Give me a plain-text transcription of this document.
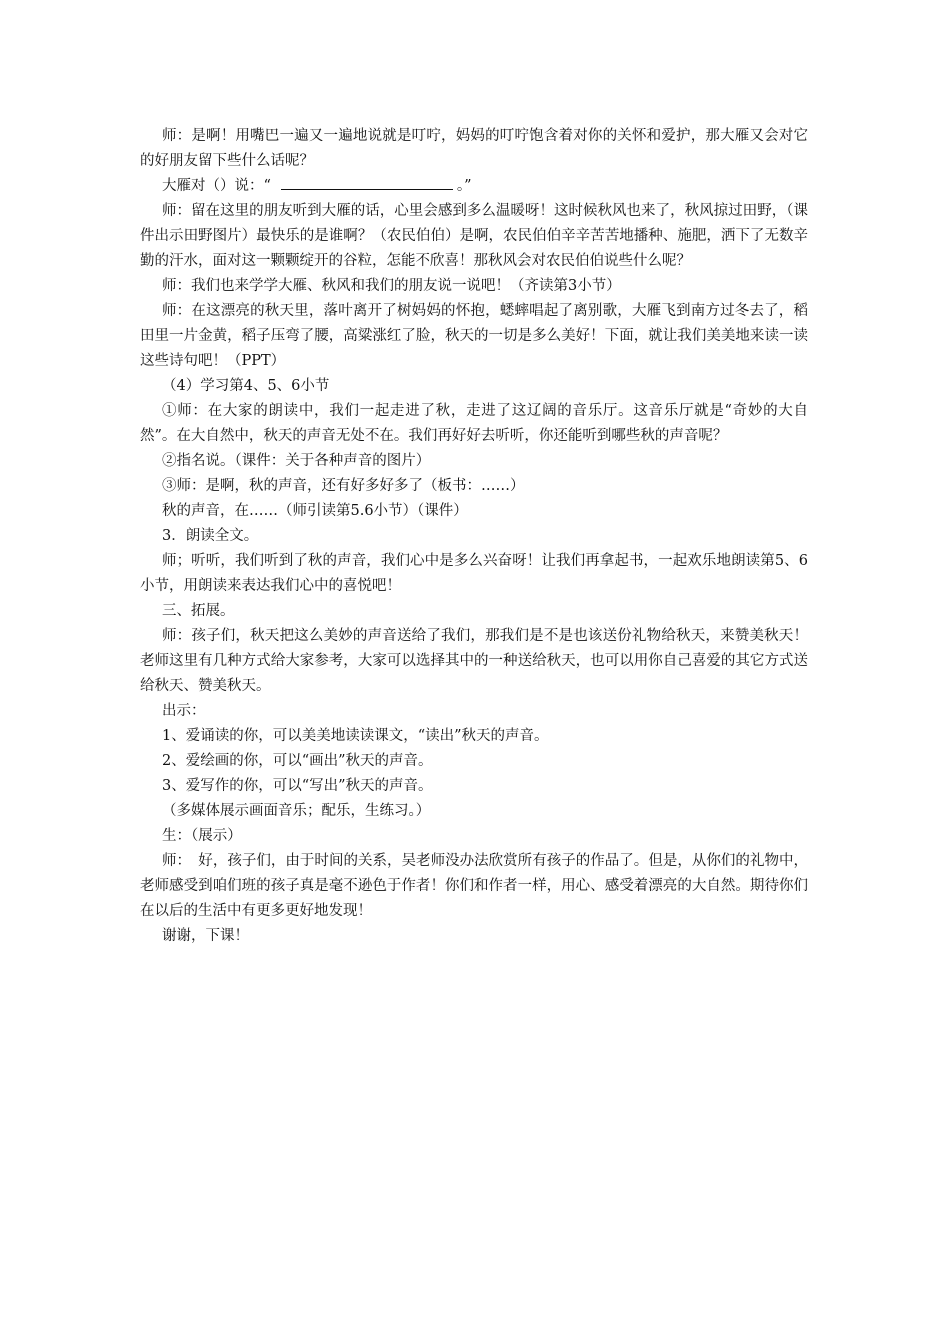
师：是啊！用嘴巴一遍又一遍地说就是叮咛，妈妈的叮咛饱含着对你的关怀和爱护，那大雁又会对它的好朋友留下些什么话呢？

大雁对（）说：“	。”

师：留在这里的朋友听到大雁的话，心里会感到多么温暖呀！这时候秋风也来了，秋风掠过田野，（课件出示田野图片）最快乐的是谁啊？（农民伯伯）是啊，农民伯伯辛辛苦苦地播种、施肥，洒下了无数辛勤的汗水，面对这一颗颗绽开的谷粒，怎能不欣喜！那秋风会对农民伯伯说些什么呢？

师：我们也来学学大雁、秋风和我们的朋友说一说吧！（齐读第3小节）

师：在这漂亮的秋天里，落叶离开了树妈妈的怀抱，蟋蟀唱起了离别歌，大雁飞到南方过冬去了，稻田里一片金黄，稻子压弯了腰，高粱涨红了脸，秋天的一切是多么美好！下面，就让我们美美地来读一读这些诗句吧！（PPT）

（4）学习第4、5、6小节

①师：在大家的朗读中，我们一起走进了秋，走进了这辽阔的音乐厅。这音乐厅就是“奇妙的大自然”。在大自然中，秋天的声音无处不在。我们再好好去听听，你还能听到哪些秋的声音呢？

②指名说。（课件：关于各种声音的图片）

③师：是啊，秋的声音，还有好多好多了（板书：……）

秋的声音，在……（师引读第5.6小节）（课件）

3．朗读全文。

师；听听，我们听到了秋的声音，我们心中是多么兴奋呀！让我们再拿起书，一起欢乐地朗读第5、6小节，用朗读来表达我们心中的喜悦吧！

三、拓展。

师：孩子们，秋天把这么美妙的声音送给了我们，那我们是不是也该送份礼物给秋天，来赞美秋天！老师这里有几种方式给大家参考，大家可以选择其中的一种送给秋天，也可以用你自己喜爱的其它方式送给秋天、赞美秋天。

出示：

1、爱诵读的你，可以美美地读读课文，“读出”秋天的声音。

2、爱绘画的你，可以“画出”秋天的声音。

3、爱写作的你，可以“写出”秋天的声音。

（多媒体展示画面音乐；配乐，生练习。）

生：（展示）

师：　好，孩子们，由于时间的关系，吴老师没办法欣赏所有孩子的作品了。但是，从你们的礼物中，老师感受到咱们班的孩子真是毫不逊色于作者！你们和作者一样，用心、感受着漂亮的大自然。期待你们在以后的生活中有更多更好地发现！

谢谢，下课！
